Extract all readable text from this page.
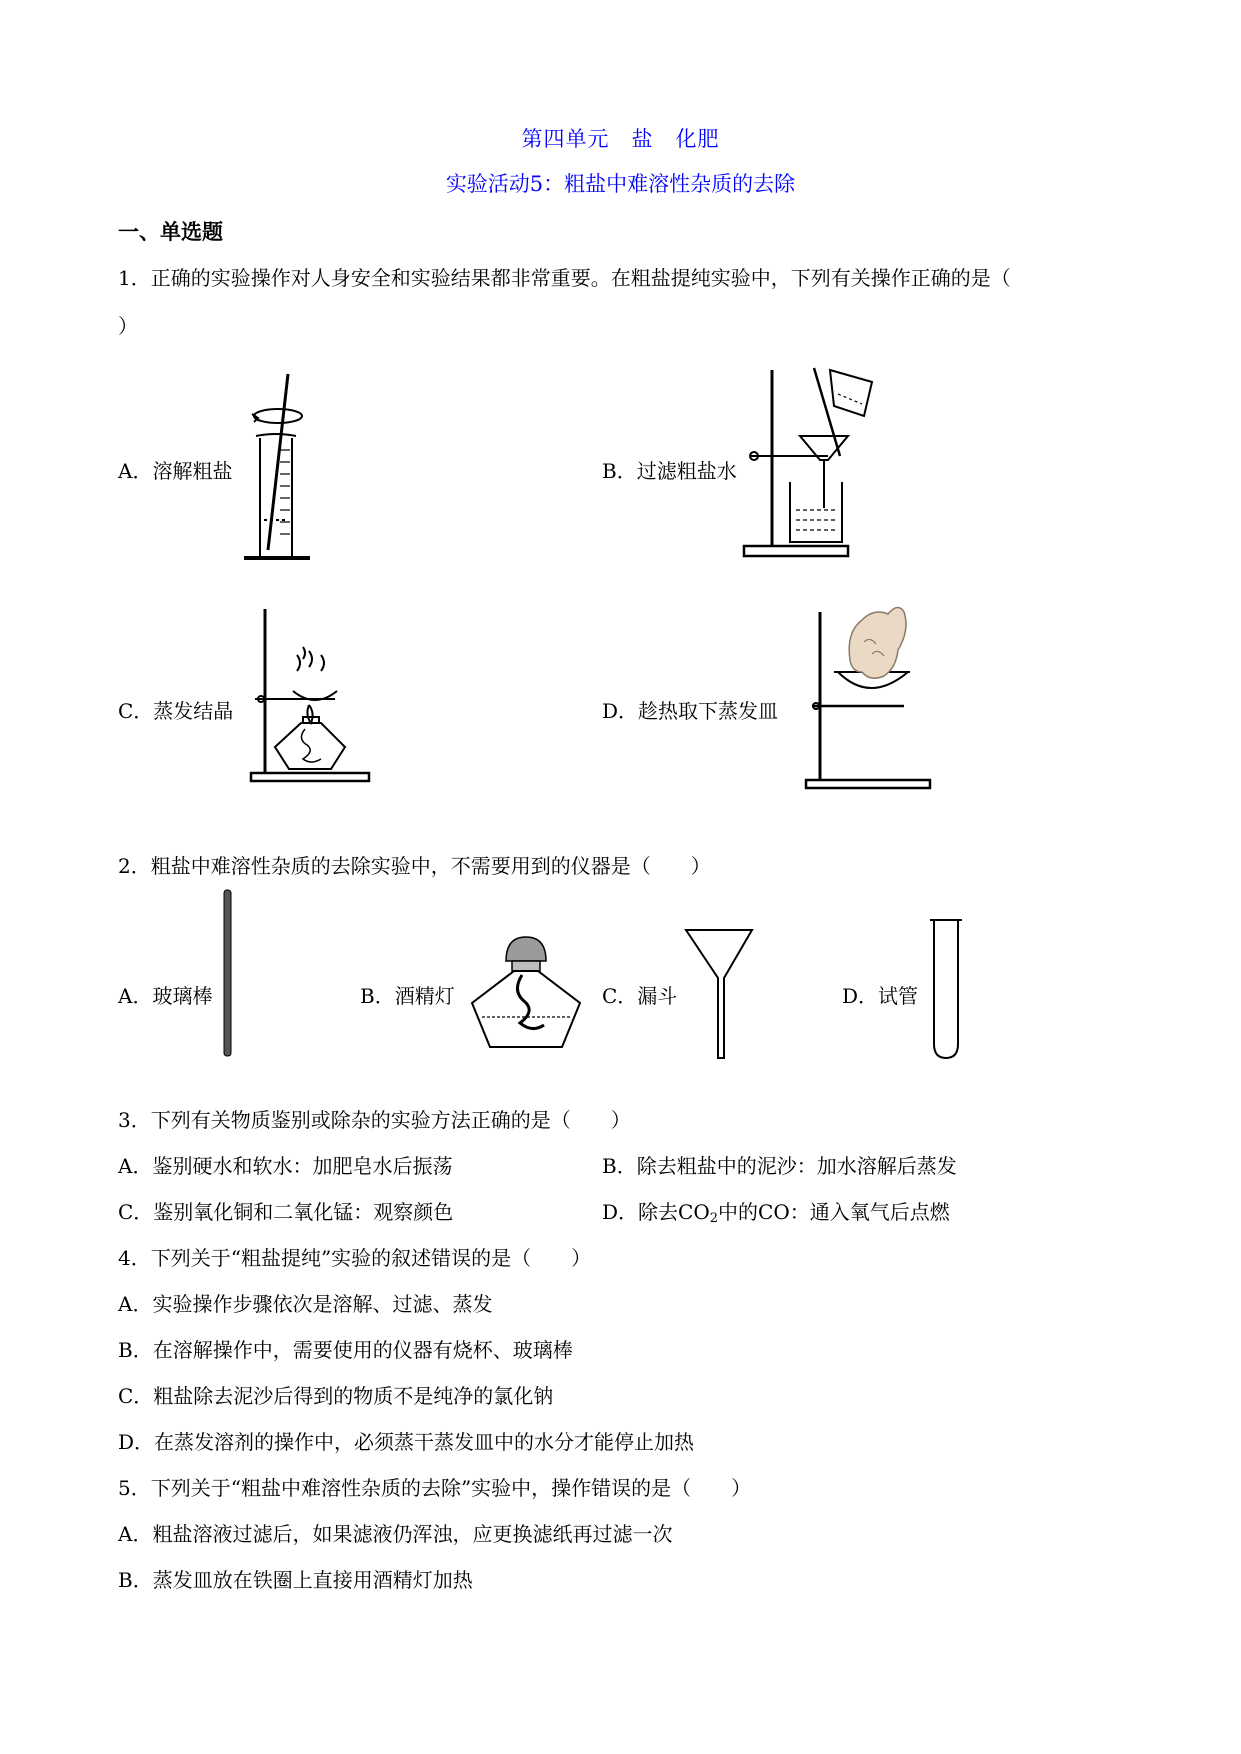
第四单元　盐　化肥
实验活动5：粗盐中难溶性杂质的去除
一、单选题
1．正确的实验操作对人身安全和实验结果都非常重要。在粗盐提纯实验中，下列有关操作正确的是（
）
A．溶解粗盐	B．过滤粗盐水
C．蒸发结晶	D．趁热取下蒸发皿
2．粗盐中难溶性杂质的去除实验中，不需要用到的仪器是（　　）
A．玻璃棒	B．酒精灯	C．漏斗	D．试管
3．下列有关物质鉴别或除杂的实验方法正确的是（　　）
A．鉴别硬水和软水：加肥皂水后振荡	B．除去粗盐中的泥沙：加水溶解后蒸发
C．鉴别氧化铜和二氧化锰：观察颜色	D．除去$CO_2$中的CO：通入氧气后点燃
4．下列关于“粗盐提纯”实验的叙述错误的是（　　）
A．实验操作步骤依次是溶解、过滤、蒸发
B．在溶解操作中，需要使用的仪器有烧杯、玻璃棒
C．粗盐除去泥沙后得到的物质不是纯净的氯化钠
D．在蒸发溶剂的操作中，必须蒸干蒸发皿中的水分才能停止加热
5．下列关于“粗盐中难溶性杂质的去除”实验中，操作错误的是（　　）
A．粗盐溶液过滤后，如果滤液仍浑浊，应更换滤纸再过滤一次
B．蒸发皿放在铁圈上直接用酒精灯加热
